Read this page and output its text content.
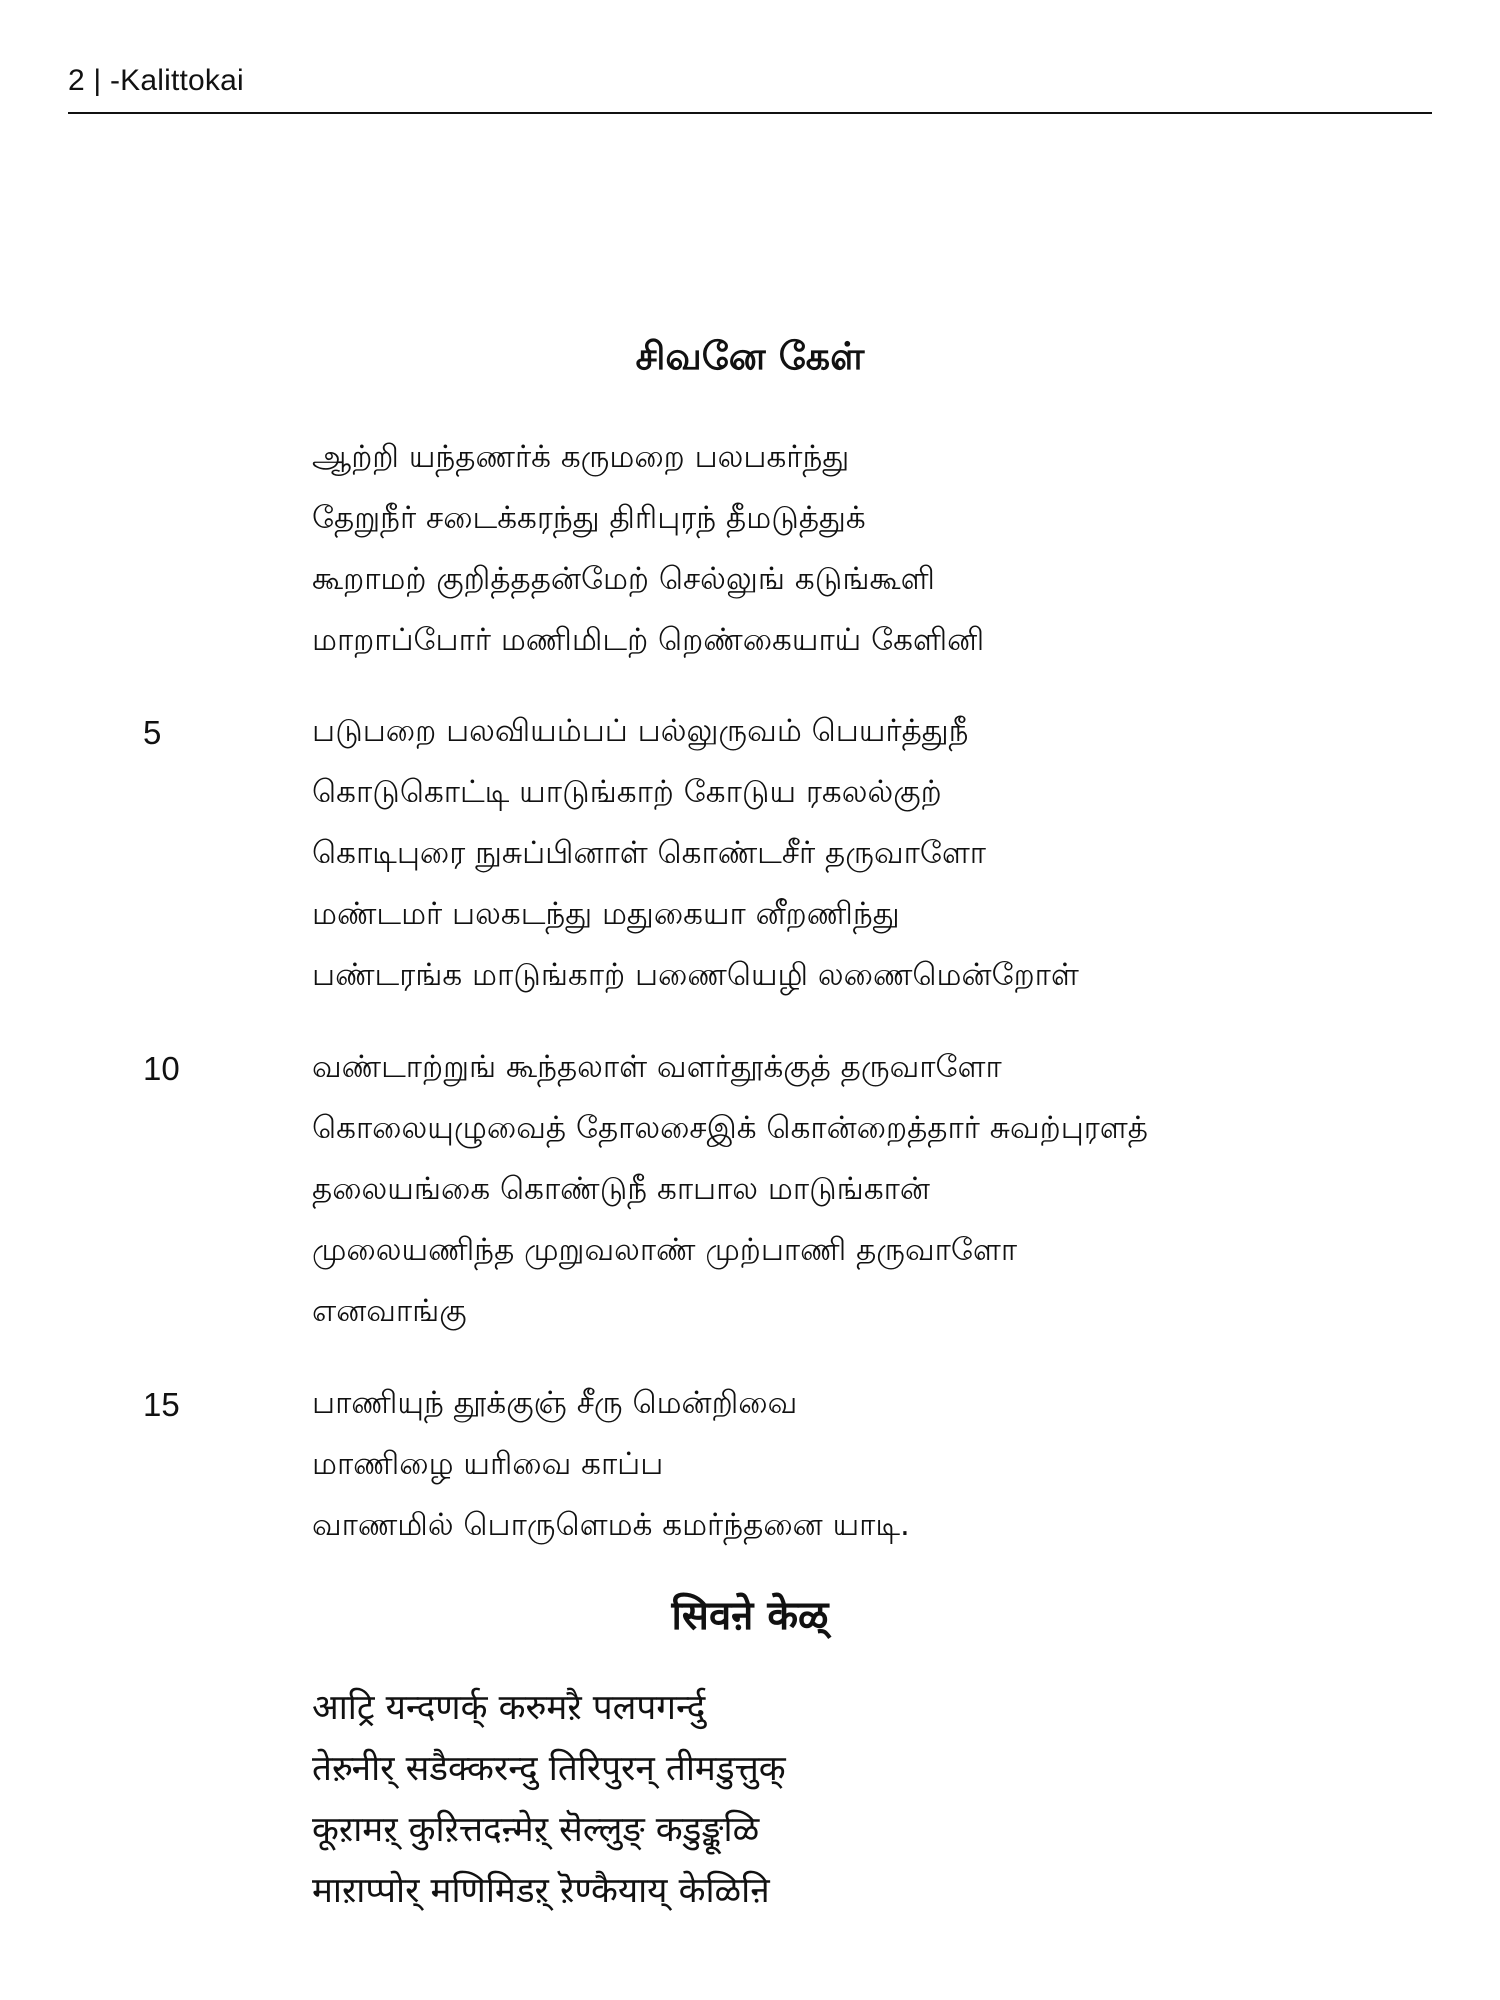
2 | -Kalittokai
சிவனே கேள்
ஆற்றி யந்தணர்க் கருமறை பலபகர்ந்து
தேறுநீர் சடைக்கரந்து திரிபுரந் தீமடுத்துக்
கூறாமற் குறித்ததன்மேற் செல்லுங் கடுங்கூளி
மாறாப்போர் மணிமிடற் றெண்கையாய் கேளினி
5	படுபறை பலவியம்பப் பல்லுருவம் பெயர்த்துநீ
கொடுகொட்டி யாடுங்காற் கோடுய ரகலல்குற்
கொடிபுரை நுசுப்பினாள் கொண்டசீர் தருவாளோ
மண்டமர் பலகடந்து மதுகையா னீறணிந்து
பண்டரங்க மாடுங்காற் பணையெழி லணைமென்றோள்
10	வண்டாற்றுங் கூந்தலாள் வளர்தூக்குத் தருவாளோ
கொலையுழுவைத் தோலசைஇக் கொன்றைத்தார் சுவற்புரளத்
தலையங்கை கொண்டுநீ காபால மாடுங்கான்
முலையணிந்த முறுவலாண் முற்பாணி தருவாளோ
எனவாங்கு
15	பாணியுந் தூக்குஞ் சீரு மென்றிவை
மாணிழை யரிவை காப்ப
வாணமில் பொருளெமக் கமர்ந்தனை யாடி.
सिवऩे केळ्
आट्रि यन्दणर्क् करुमऱै पलपगर्न्दु
तेऱुनीर् सडैक्करन्दु तिरिपुरन् तीमडुत्तुक्
कूऱामऱ् कुऱित्तदऩ्मेऱ् सॆल्लुङ् कडुङ्कूळि
माऱाप्पोर् मणिमिडऱ् ऱॆण्कैयाय् केळिऩि
